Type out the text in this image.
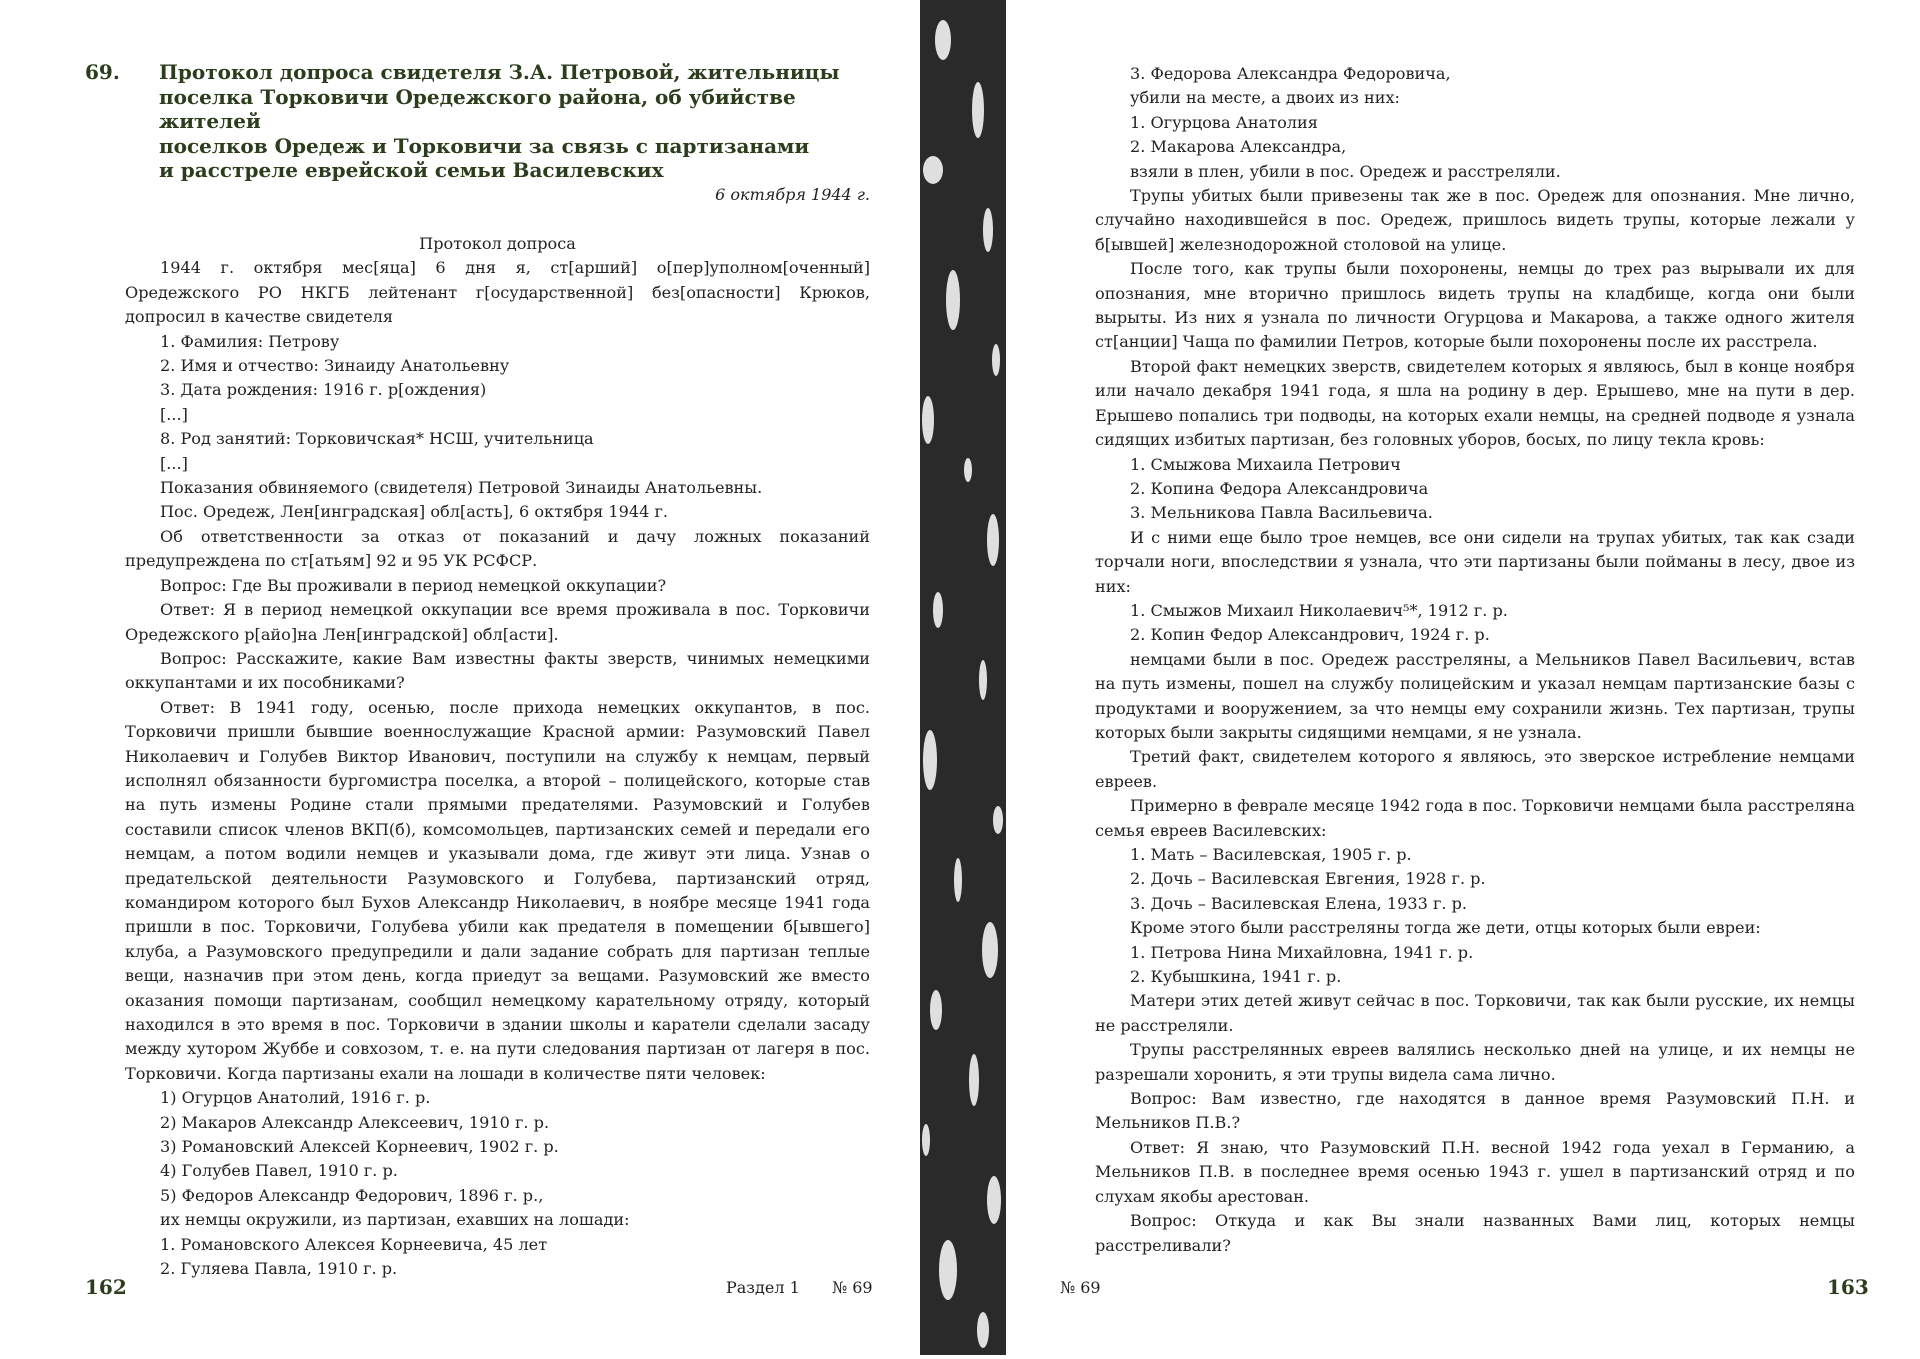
69. Протокол допроса свидетеля З.А. Петровой, жительницы
поселка Торковичи Оредежского района, об убийстве жителей
поселков Оредеж и Торковичи за связь с партизанами
и расстреле еврейской семьи Василевских
6 октября 1944 г.

Протокол допроса

1944 г. октября мес[яца] 6 дня я, ст[арший] о[пер]уполном[оченный] Оредежского РО НКГБ лейтенант г[осударственной] без[опасности] Крюков, допросил в качестве свидетеля

1. Фамилия: Петрову

2. Имя и отчество: Зинаиду Анатольевну

3. Дата рождения: 1916 г. р[ождения)

[...]

8. Род занятий: Торковичская* НСШ, учительница

[...]

Показания обвиняемого (свидетеля) Петровой Зинаиды Анатольевны.

Пос. Оредеж, Лен[инградская] обл[асть], 6 октября 1944 г.

Об ответственности за отказ от показаний и дачу ложных показаний предупреждена по ст[атьям] 92 и 95 УК РСФСР.

Вопрос: Где Вы проживали в период немецкой оккупации?

Ответ: Я в период немецкой оккупации все время проживала в пос. Торковичи Оредежского р[айо]на Лен[инградской] обл[асти].

Вопрос: Расскажите, какие Вам известны факты зверств, чинимых немецкими оккупантами и их пособниками?

Ответ: В 1941 году, осенью, после прихода немецких оккупантов, в пос. Торковичи пришли бывшие военнослужащие Красной армии: Разумовский Павел Николаевич и Голубев Виктор Иванович, поступили на службу к немцам, первый исполнял обязанности бургомистра поселка, а второй – полицейского, которые став на путь измены Родине стали прямыми предателями. Разумовский и Голубев составили список членов ВКП(б), комсомольцев, партизанских семей и передали его немцам, а потом водили немцев и указывали дома, где живут эти лица. Узнав о предательской деятельности Разумовского и Голубева, партизанский отряд, командиром которого был Бухов Александр Николаевич, в ноябре месяце 1941 года пришли в пос. Торковичи, Голубева убили как предателя в помещении б[ывшего] клуба, а Разумовского предупредили и дали задание собрать для партизан теплые вещи, назначив при этом день, когда приедут за вещами. Разумовский же вместо оказания помощи партизанам, сообщил немецкому карательному отряду, который находился в это время в пос. Торковичи в здании школы и каратели сделали засаду между хутором Жуббе и совхозом, т. е. на пути следования партизан от лагеря в пос. Торковичи. Когда партизаны ехали на лошади в количестве пяти человек:

1) Огурцов Анатолий, 1916 г. р.

2) Макаров Александр Алексеевич, 1910 г. р.

3) Романовский Алексей Корнеевич, 1902 г. р.

4) Голубев Павел, 1910 г. р.

5) Федоров Александр Федорович, 1896 г. р.,

их немцы окружили, из партизан, ехавших на лошади:

1. Романовского Алексея Корнеевича, 45 лет

2. Гуляева Павла, 1910 г. р.

162	Раздел 1 № 69

3. Федорова Александра Федоровича,

убили на месте, а двоих из них:

1. Огурцова Анатолия

2. Макарова Александра,

взяли в плен, убили в пос. Оредеж и расстреляли.

Трупы убитых были привезены так же в пос. Оредеж для опознания. Мне лично, случайно находившейся в пос. Оредеж, пришлось видеть трупы, которые лежали у б[ывшей] железнодорожной столовой на улице.

После того, как трупы были похоронены, немцы до трех раз вырывали их для опознания, мне вторично пришлось видеть трупы на кладбище, когда они были вырыты. Из них я узнала по личности Огурцова и Макарова, а также одного жителя ст[анции] Чаща по фамилии Петров, которые были похоронены после их расстрела.

Второй факт немецких зверств, свидетелем которых я являюсь, был в конце ноября или начало декабря 1941 года, я шла на родину в дер. Ерышево, мне на пути в дер. Ерышево попались три подводы, на которых ехали немцы, на средней подводе я узнала сидящих избитых партизан, без головных уборов, босых, по лицу текла кровь:

1. Смыжова Михаила Петрович

2. Копина Федора Александровича

3. Мельникова Павла Васильевича.

И с ними еще было трое немцев, все они сидели на трупах убитых, так как сзади торчали ноги, впоследствии я узнала, что эти партизаны были пойманы в лесу, двое из них:

1. Смыжов Михаил Николаевич⁵*, 1912 г. р.

2. Копин Федор Александрович, 1924 г. р.

немцами были в пос. Оредеж расстреляны, а Мельников Павел Васильевич, встав на путь измены, пошел на службу полицейским и указал немцам партизанские базы с продуктами и вооружением, за что немцы ему сохранили жизнь. Тех партизан, трупы которых были закрыты сидящими немцами, я не узнала.

Третий факт, свидетелем которого я являюсь, это зверское истребление немцами евреев.

Примерно в феврале месяце 1942 года в пос. Торковичи немцами была расстреляна семья евреев Василевских:

1. Мать – Василевская, 1905 г. р.

2. Дочь – Василевская Евгения, 1928 г. р.

3. Дочь – Василевская Елена, 1933 г. р.

Кроме этого были расстреляны тогда же дети, отцы которых были евреи:

1. Петрова Нина Михайловна, 1941 г. р.

2. Кубышкина, 1941 г. р.

Матери этих детей живут сейчас в пос. Торковичи, так как были русские, их немцы не расстреляли.

Трупы расстрелянных евреев валялись несколько дней на улице, и их немцы не разрешали хоронить, я эти трупы видела сама лично.

Вопрос: Вам известно, где находятся в данное время Разумовский П.Н. и Мельников П.В.?

Ответ: Я знаю, что Разумовский П.Н. весной 1942 года уехал в Германию, а Мельников П.В. в последнее время осенью 1943 г. ушел в партизанский отряд и по слухам якобы арестован.

Вопрос: Откуда и как Вы знали названных Вами лиц, которых немцы расстреливали?

№ 69	163
